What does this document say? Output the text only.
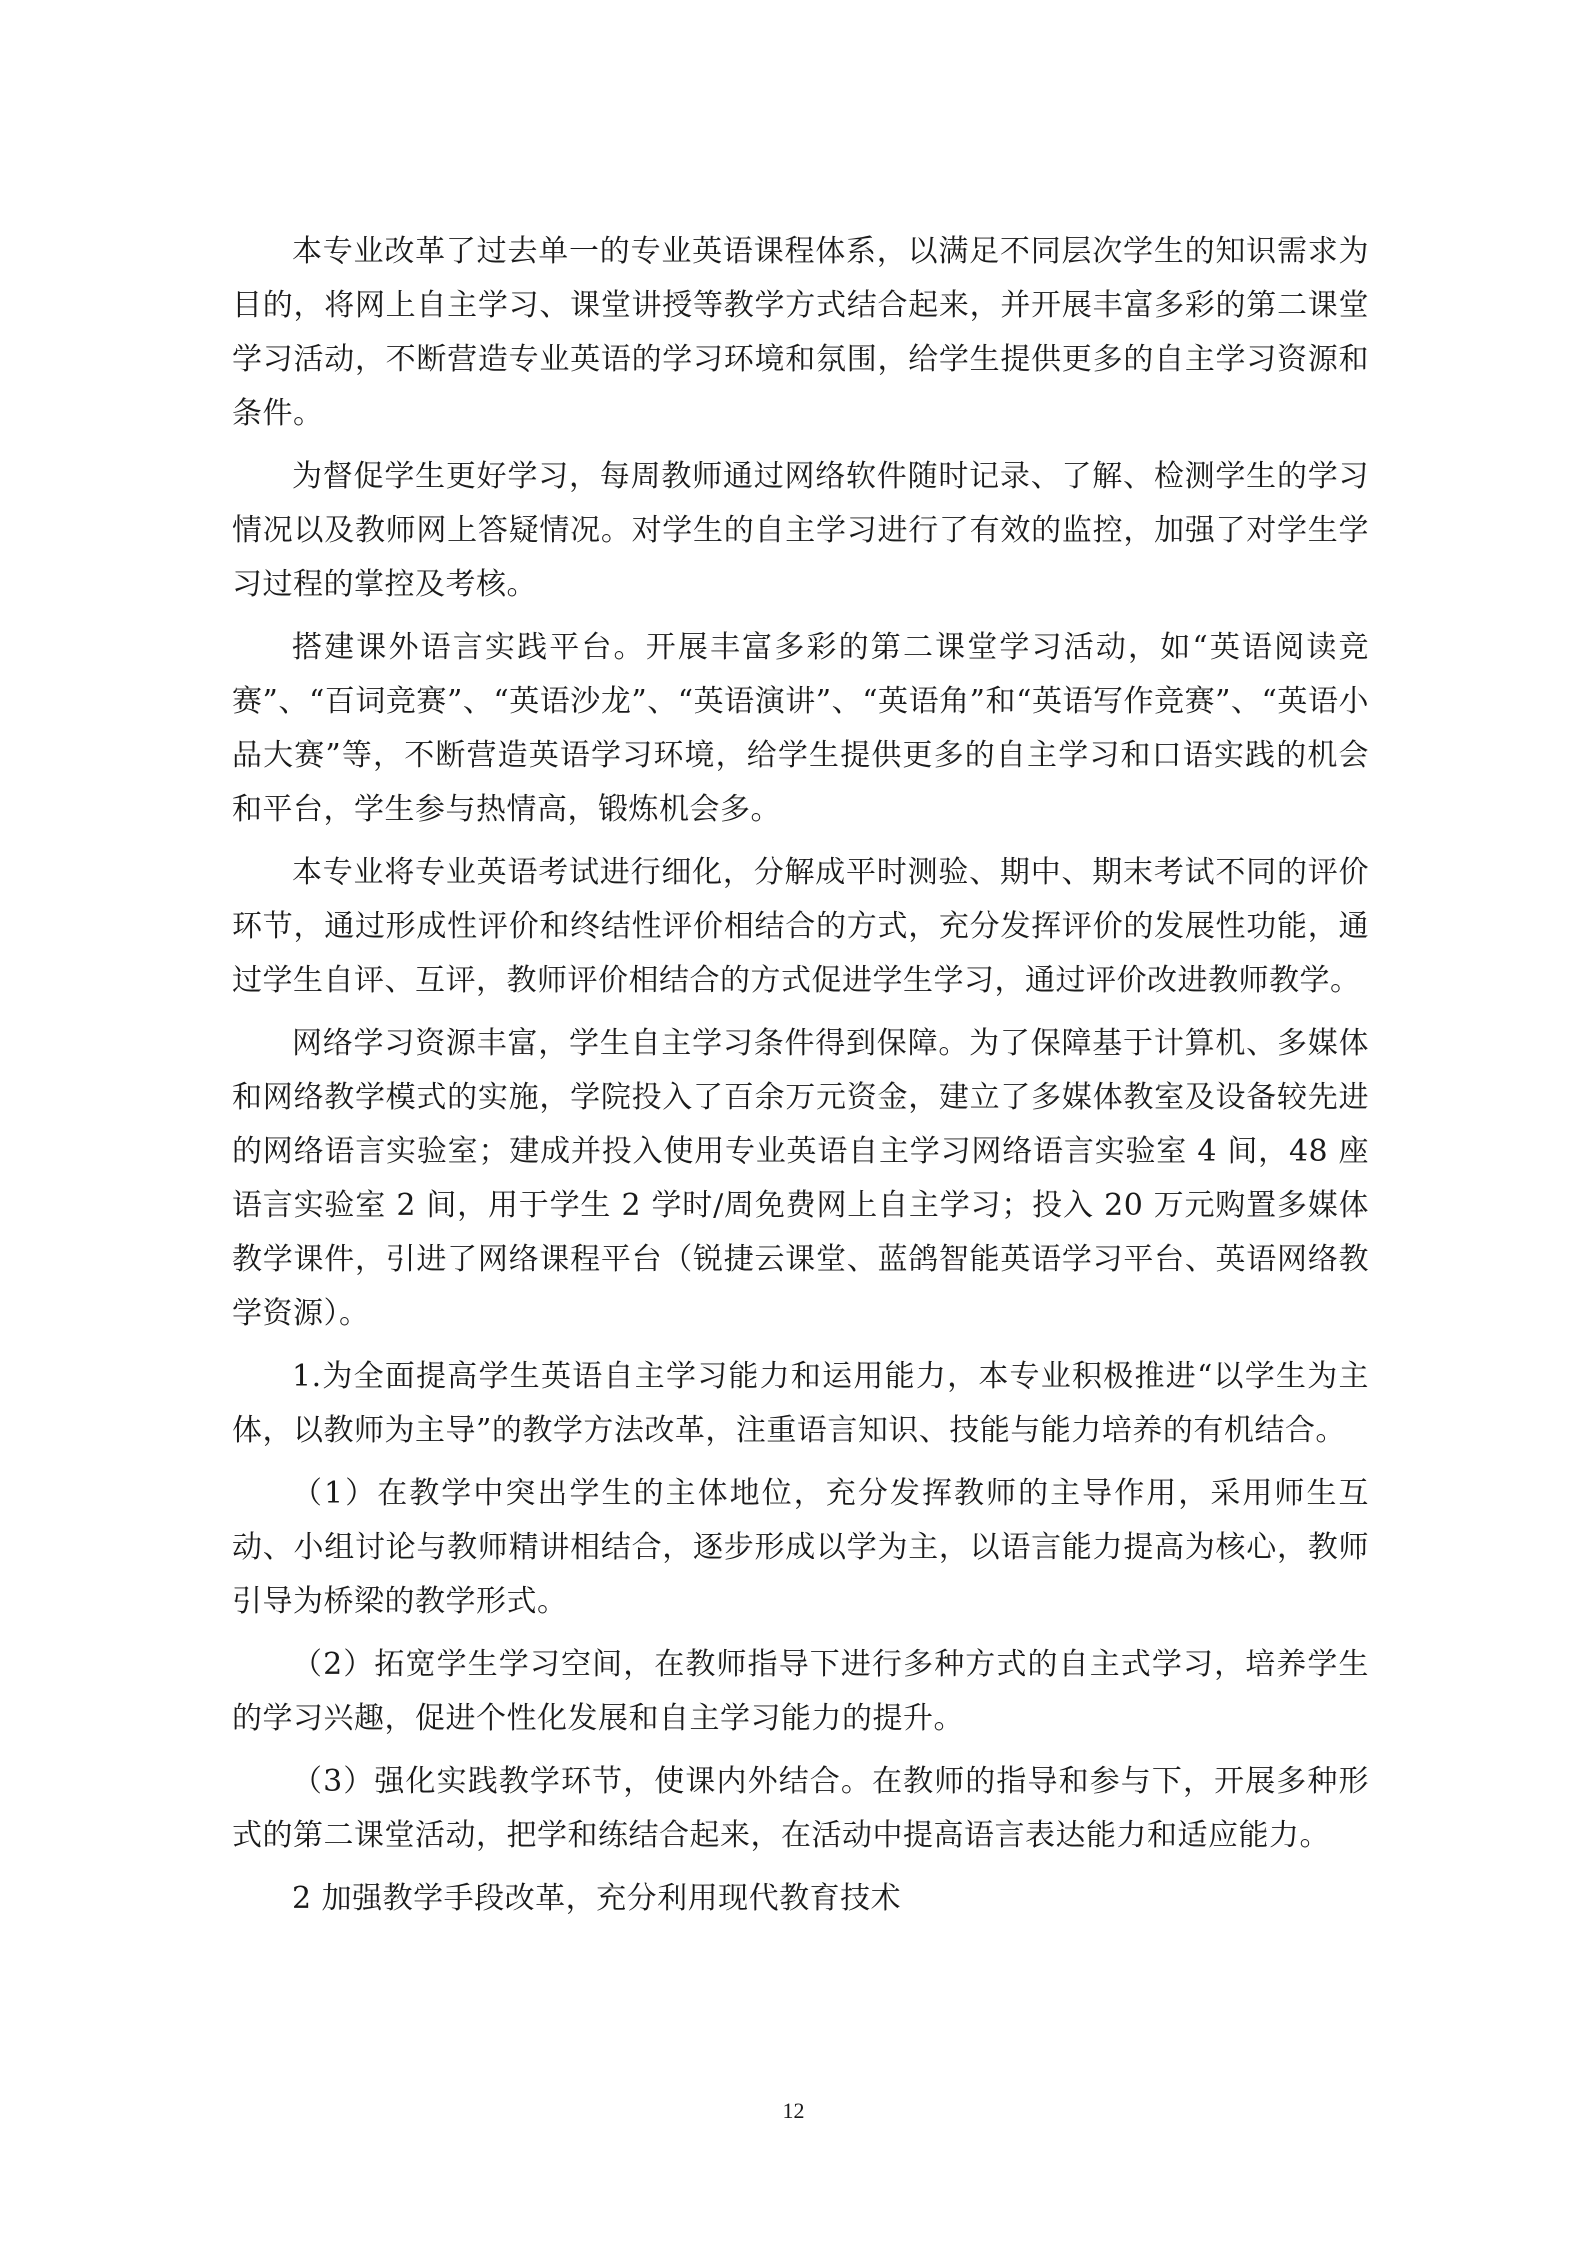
本专业改革了过去单一的专业英语课程体系，以满足不同层次学生的知识需求为目的，将网上自主学习、课堂讲授等教学方式结合起来，并开展丰富多彩的第二课堂学习活动，不断营造专业英语的学习环境和氛围，给学生提供更多的自主学习资源和条件。

为督促学生更好学习，每周教师通过网络软件随时记录、了解、检测学生的学习情况以及教师网上答疑情况。对学生的自主学习进行了有效的监控，加强了对学生学习过程的掌控及考核。

搭建课外语言实践平台。开展丰富多彩的第二课堂学习活动，如“英语阅读竞赛”、“百词竞赛”、“英语沙龙”、“英语演讲”、“英语角”和“英语写作竞赛”、“英语小品大赛”等，不断营造英语学习环境，给学生提供更多的自主学习和口语实践的机会和平台，学生参与热情高，锻炼机会多。

本专业将专业英语考试进行细化，分解成平时测验、期中、期末考试不同的评价环节，通过形成性评价和终结性评价相结合的方式，充分发挥评价的发展性功能，通过学生自评、互评，教师评价相结合的方式促进学生学习，通过评价改进教师教学。

网络学习资源丰富，学生自主学习条件得到保障。为了保障基于计算机、多媒体和网络教学模式的实施，学院投入了百余万元资金，建立了多媒体教室及设备较先进的网络语言实验室；建成并投入使用专业英语自主学习网络语言实验室 4 间，48 座语言实验室 2 间，用于学生 2 学时/周免费网上自主学习；投入 20 万元购置多媒体教学课件，引进了网络课程平台（锐捷云课堂、蓝鸽智能英语学习平台、英语网络教学资源）。

1.为全面提高学生英语自主学习能力和运用能力，本专业积极推进“以学生为主体，以教师为主导”的教学方法改革，注重语言知识、技能与能力培养的有机结合。

（1）在教学中突出学生的主体地位，充分发挥教师的主导作用，采用师生互动、小组讨论与教师精讲相结合，逐步形成以学为主，以语言能力提高为核心，教师引导为桥梁的教学形式。

（2）拓宽学生学习空间，在教师指导下进行多种方式的自主式学习，培养学生的学习兴趣，促进个性化发展和自主学习能力的提升。

（3）强化实践教学环节，使课内外结合。在教师的指导和参与下，开展多种形式的第二课堂活动，把学和练结合起来，在活动中提高语言表达能力和适应能力。

2 加强教学手段改革，充分利用现代教育技术

12
